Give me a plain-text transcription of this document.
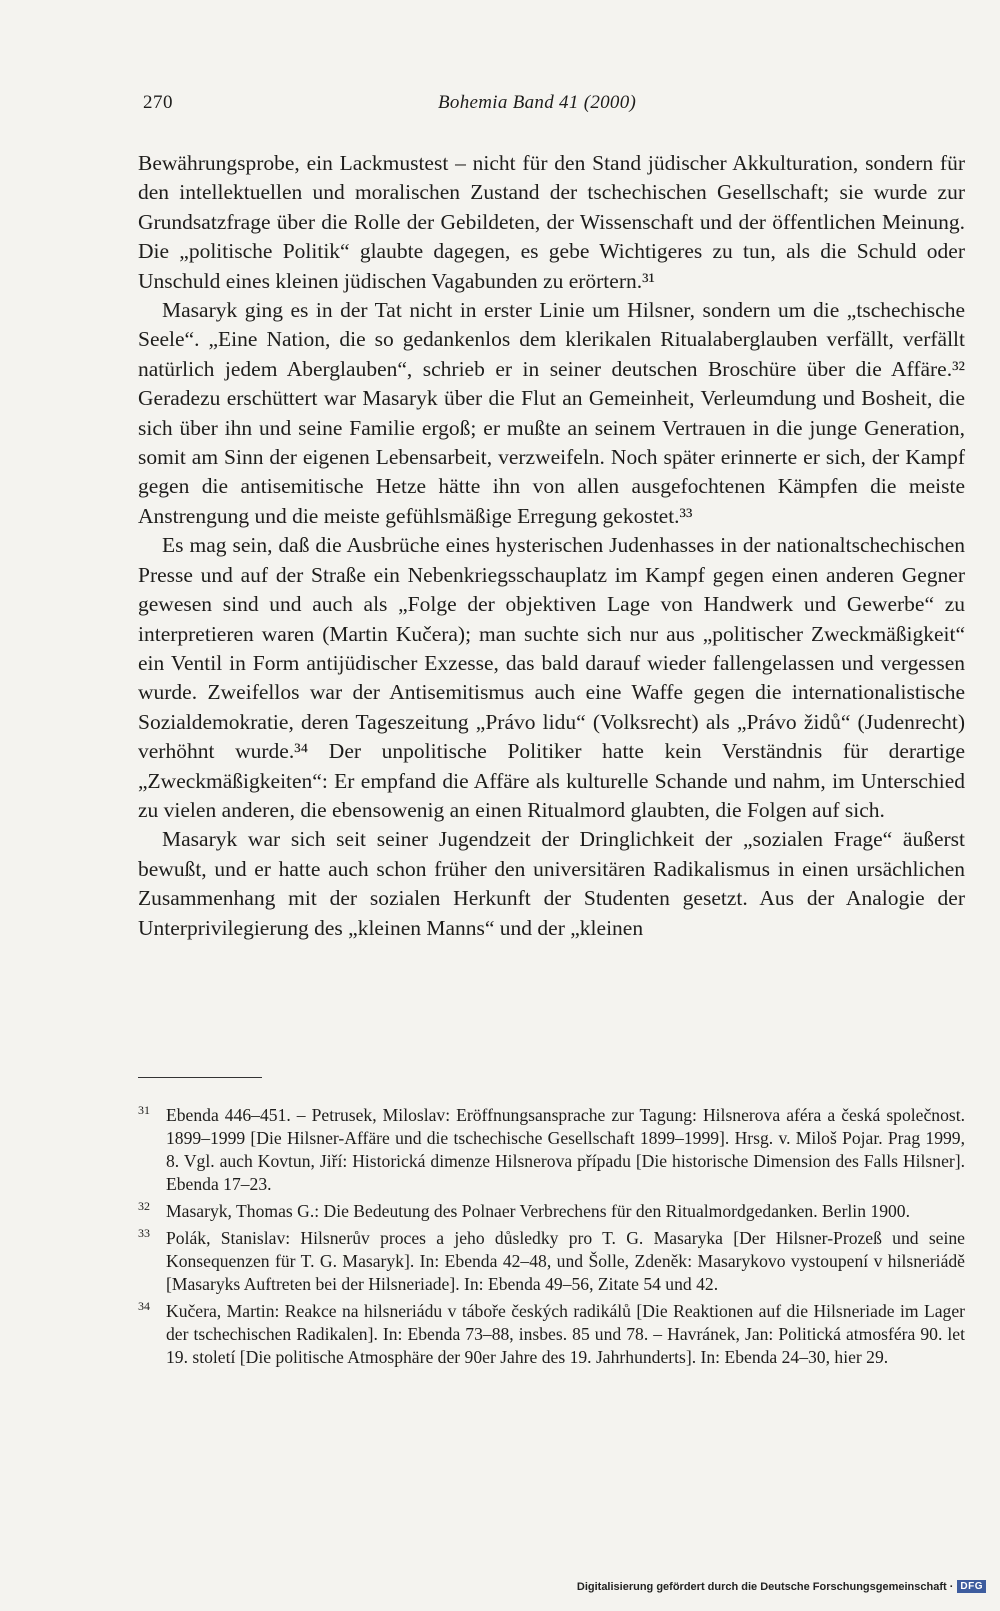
270	Bohemia Band 41 (2000)

Bewährungsprobe, ein Lackmustest – nicht für den Stand jüdischer Akkulturation, sondern für den intellektuellen und moralischen Zustand der tschechischen Gesellschaft; sie wurde zur Grundsatzfrage über die Rolle der Gebildeten, der Wissenschaft und der öffentlichen Meinung. Die „politische Politik“ glaubte dagegen, es gebe Wichtigeres zu tun, als die Schuld oder Unschuld eines kleinen jüdischen Vagabunden zu erörtern.³¹

Masaryk ging es in der Tat nicht in erster Linie um Hilsner, sondern um die „tschechische Seele“. „Eine Nation, die so gedankenlos dem klerikalen Ritualaberglauben verfällt, verfällt natürlich jedem Aberglauben“, schrieb er in seiner deutschen Broschüre über die Affäre.³² Geradezu erschüttert war Masaryk über die Flut an Gemeinheit, Verleumdung und Bosheit, die sich über ihn und seine Familie ergoß; er mußte an seinem Vertrauen in die junge Generation, somit am Sinn der eigenen Lebensarbeit, verzweifeln. Noch später erinnerte er sich, der Kampf gegen die antisemitische Hetze hätte ihn von allen ausgefochtenen Kämpfen die meiste Anstrengung und die meiste gefühlsmäßige Erregung gekostet.³³

Es mag sein, daß die Ausbrüche eines hysterischen Judenhasses in der nationaltschechischen Presse und auf der Straße ein Nebenkriegsschauplatz im Kampf gegen einen anderen Gegner gewesen sind und auch als „Folge der objektiven Lage von Handwerk und Gewerbe“ zu interpretieren waren (Martin Kučera); man suchte sich nur aus „politischer Zweckmäßigkeit“ ein Ventil in Form antijüdischer Exzesse, das bald darauf wieder fallengelassen und vergessen wurde. Zweifellos war der Antisemitismus auch eine Waffe gegen die internationalistische Sozialdemokratie, deren Tageszeitung „Právo lidu“ (Volksrecht) als „Právo židů“ (Judenrecht) verhöhnt wurde.³⁴ Der unpolitische Politiker hatte kein Verständnis für derartige „Zweckmäßigkeiten“: Er empfand die Affäre als kulturelle Schande und nahm, im Unterschied zu vielen anderen, die ebensowenig an einen Ritualmord glaubten, die Folgen auf sich.

Masaryk war sich seit seiner Jugendzeit der Dringlichkeit der „sozialen Frage“ äußerst bewußt, und er hatte auch schon früher den universitären Radikalismus in einen ursächlichen Zusammenhang mit der sozialen Herkunft der Studenten gesetzt. Aus der Analogie der Unterprivilegierung des „kleinen Manns“ und der „kleinen

31 Ebenda 446–451. – Petrusek, Miloslav: Eröffnungsansprache zur Tagung: Hilsnerova aféra a česká společnost. 1899–1999 [Die Hilsner-Affäre und die tschechische Gesellschaft 1899–1999]. Hrsg. v. Miloš Pojar. Prag 1999, 8. Vgl. auch Kovtun, Jiří: Historická dimenze Hilsnerova případu [Die historische Dimension des Falls Hilsner]. Ebenda 17–23.
32 Masaryk, Thomas G.: Die Bedeutung des Polnaer Verbrechens für den Ritualmordgedanken. Berlin 1900.
33 Polák, Stanislav: Hilsnerův proces a jeho důsledky pro T. G. Masaryka [Der Hilsner-Prozeß und seine Konsequenzen für T. G. Masaryk]. In: Ebenda 42–48, und Šolle, Zdeněk: Masarykovo vystoupení v hilsneriádě [Masaryks Auftreten bei der Hilsneriade]. In: Ebenda 49–56, Zitate 54 und 42.
34 Kučera, Martin: Reakce na hilsneriádu v táboře českých radikálů [Die Reaktionen auf die Hilsneriade im Lager der tschechischen Radikalen]. In: Ebenda 73–88, insbes. 85 und 78. – Havránek, Jan: Politická atmosféra 90. let 19. století [Die politische Atmosphäre der 90er Jahre des 19. Jahrhunderts]. In: Ebenda 24–30, hier 29.
Digitalisierung gefördert durch die Deutsche Forschungsgemeinschaft · DFG
